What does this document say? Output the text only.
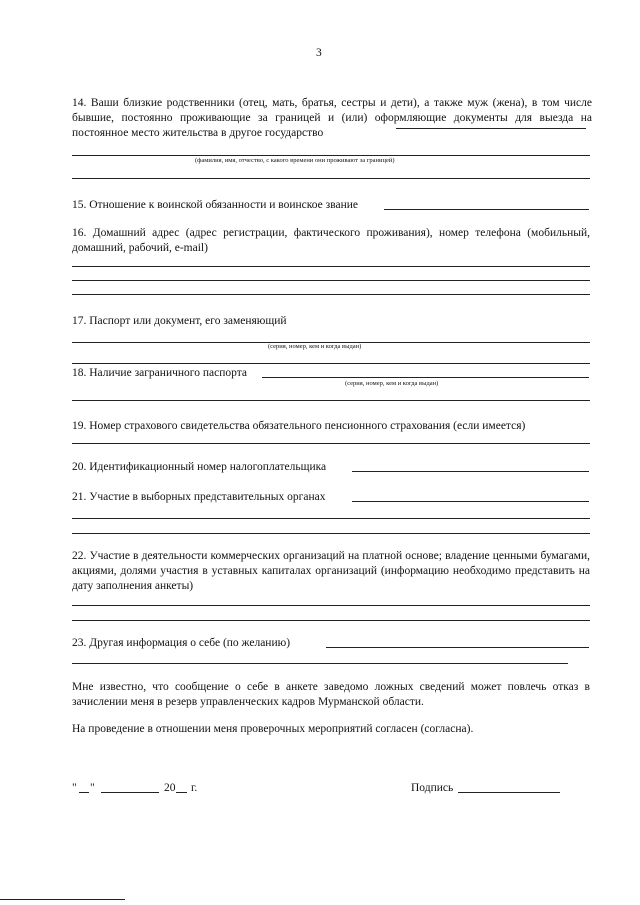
3
14. Ваши близкие родственники (отец, мать, братья, сестры и дети), а также муж (жена), в том числе бывшие, постоянно проживающие за границей и (или) оформляющие документы для выезда на постоянное место жительства в другое государство
(фамилия, имя, отчество, с какого времени они проживают за границей)
15. Отношение к воинской обязанности и воинское звание
16. Домашний адрес (адрес регистрации, фактического проживания), номер телефона (мобильный, домашний, рабочий, e-mail)
17. Паспорт или документ, его заменяющий
(серия, номер, кем и когда выдан)
18. Наличие заграничного паспорта
(серия, номер, кем и когда выдан)
19. Номер страхового свидетельства обязательного пенсионного страхования (если имеется)
20. Идентификационный номер налогоплательщика
21. Участие в выборных представительных органах
22. Участие в деятельности коммерческих организаций на платной основе; владение ценными бумагами, акциями, долями участия в уставных капиталах организаций (информацию необходимо представить на дату заполнения анкеты)
23. Другая информация о себе (по желанию)
Мне известно, что сообщение о себе в анкете заведомо ложных сведений может повлечь отказ в зачислении меня в резерв управленческих кадров Мурманской области.
На проведение в отношении меня проверочных мероприятий согласен (согласна).
" "	20 г.	Подпись
